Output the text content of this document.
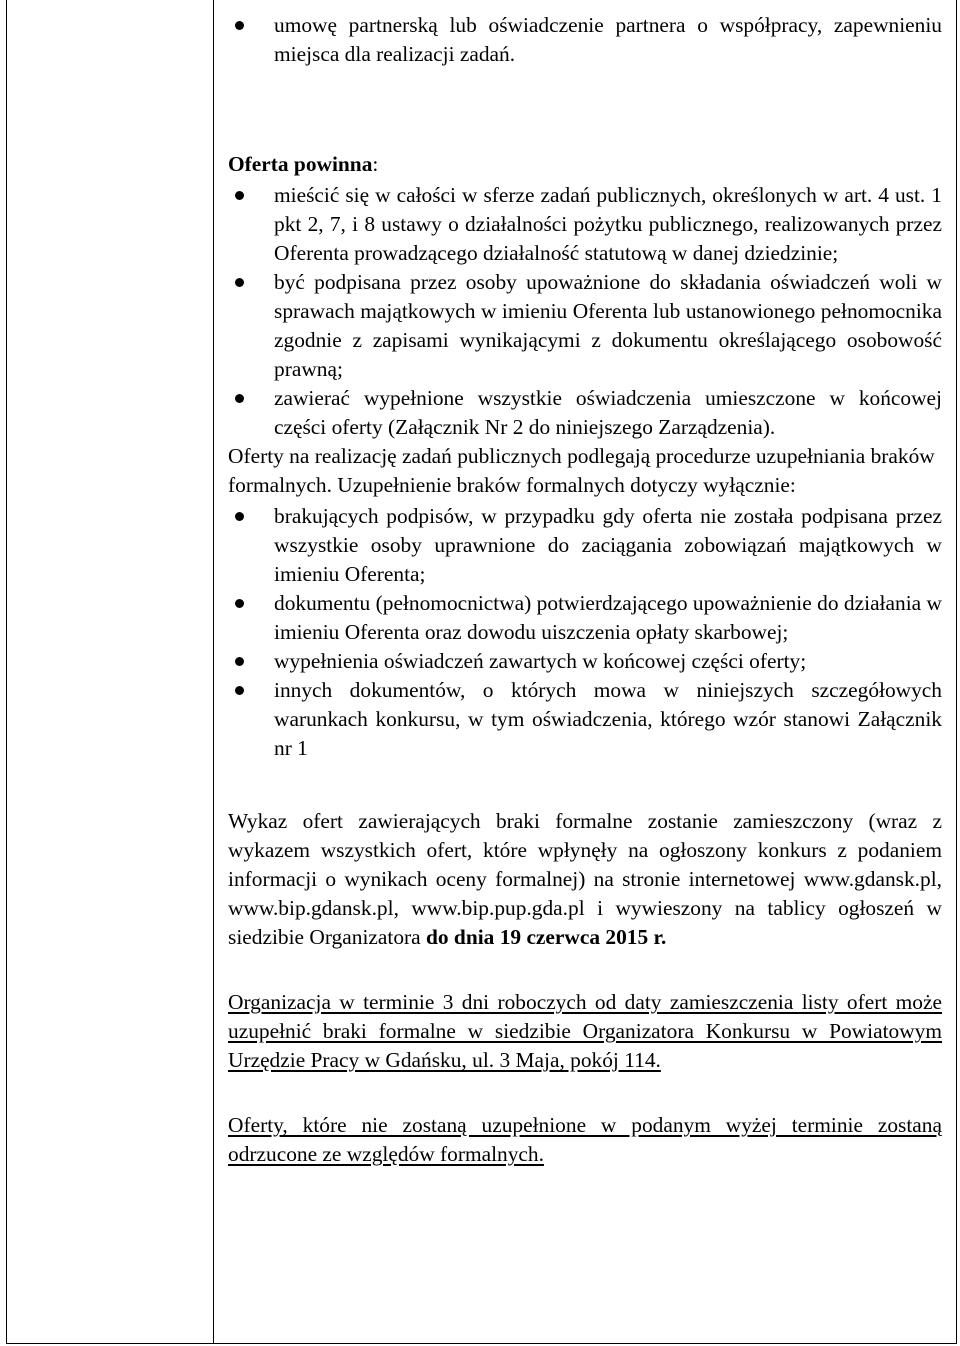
umowę partnerską lub oświadczenie partnera o współpracy, zapewnieniu miejsca dla realizacji zadań.

Oferta powinna:

mieścić się w całości w sferze zadań publicznych, określonych w art. 4 ust. 1 pkt 2, 7, i 8 ustawy o działalności pożytku publicznego, realizowanych przez Oferenta prowadzącego działalność statutową w danej dziedzinie;
być podpisana przez osoby upoważnione do składania oświadczeń woli w sprawach majątkowych w imieniu Oferenta lub ustanowionego pełnomocnika zgodnie z zapisami wynikającymi z dokumentu określającego osobowość prawną;
zawierać wypełnione wszystkie oświadczenia umieszczone w końcowej części oferty (Załącznik Nr 2 do niniejszego Zarządzenia).

Oferty na realizację zadań publicznych podlegają procedurze uzupełniania braków formalnych. Uzupełnienie braków formalnych dotyczy wyłącznie:

brakujących podpisów, w przypadku gdy oferta nie została podpisana przez wszystkie osoby uprawnione do zaciągania zobowiązań majątkowych w imieniu Oferenta;
dokumentu (pełnomocnictwa) potwierdzającego upoważnienie do działania w imieniu Oferenta oraz dowodu uiszczenia opłaty skarbowej;
wypełnienia oświadczeń zawartych w końcowej części oferty;
innych dokumentów, o których mowa w niniejszych szczegółowych warunkach konkursu, w tym oświadczenia, którego wzór stanowi Załącznik nr 1

Wykaz ofert zawierających braki formalne zostanie zamieszczony (wraz z wykazem wszystkich ofert, które wpłynęły na ogłoszony konkurs z podaniem informacji o wynikach oceny formalnej) na stronie internetowej www.gdansk.pl, www.bip.gdansk.pl, www.bip.pup.gda.pl i wywieszony na tablicy ogłoszeń w siedzibie Organizatora do dnia 19 czerwca 2015 r.

Organizacja w terminie 3 dni roboczych od daty zamieszczenia listy ofert może uzupełnić braki formalne w siedzibie Organizatora Konkursu w Powiatowym Urzędzie Pracy w Gdańsku, ul. 3 Maja, pokój 114.

Oferty, które nie zostaną uzupełnione w podanym wyżej terminie zostaną odrzucone ze względów formalnych.
